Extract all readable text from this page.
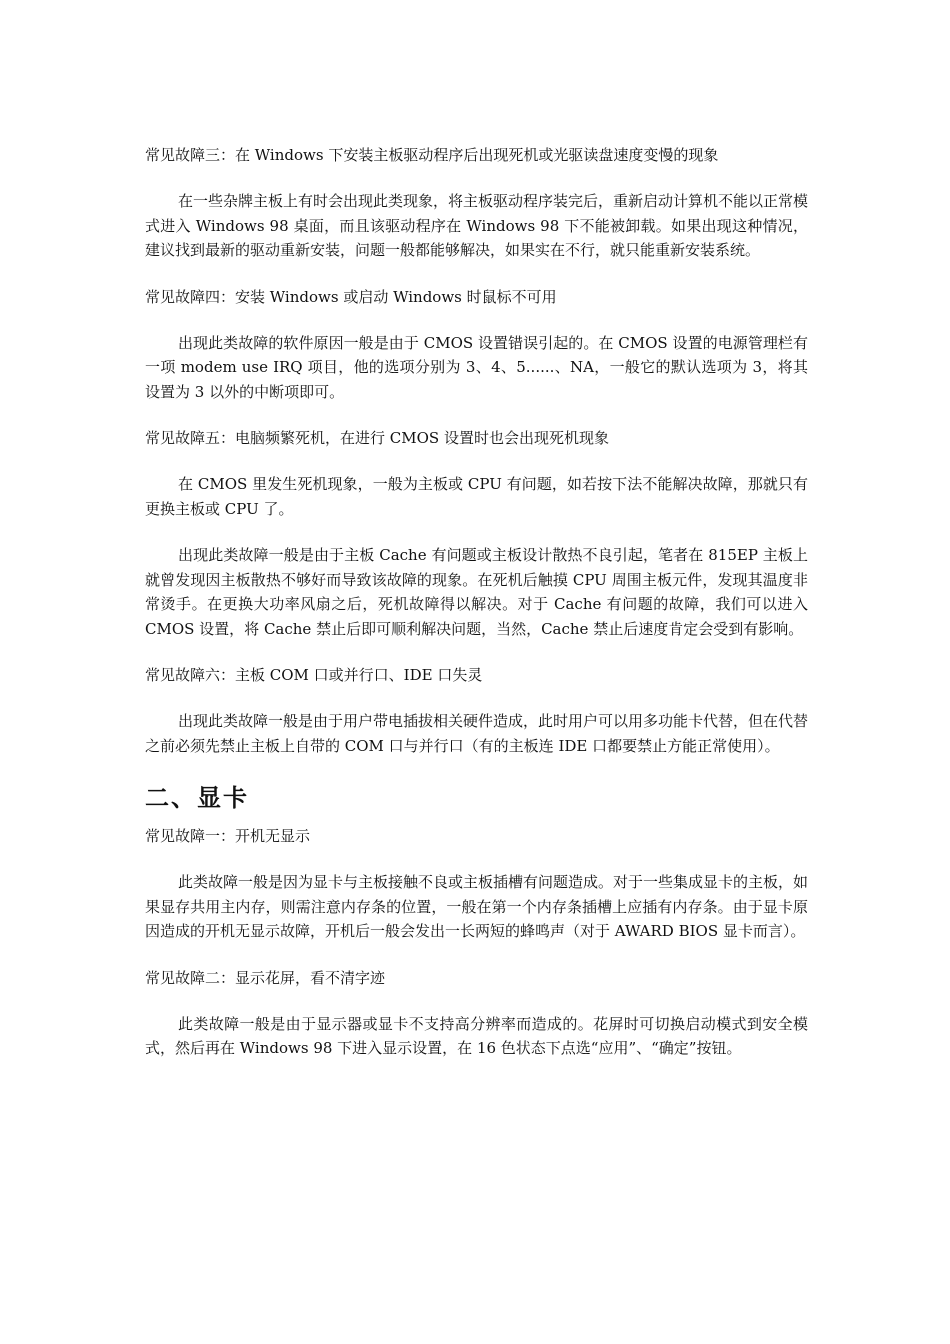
常见故障三：在 Windows 下安装主板驱动程序后出现死机或光驱读盘速度变慢的现象

在一些杂牌主板上有时会出现此类现象，将主板驱动程序装完后，重新启动计算机不能以正常模式进入 Windows 98 桌面，而且该驱动程序在 Windows 98 下不能被卸载。如果出现这种情况，建议找到最新的驱动重新安装，问题一般都能够解决，如果实在不行，就只能重新安装系统。

常见故障四：安装 Windows 或启动 Windows 时鼠标不可用

出现此类故障的软件原因一般是由于 CMOS 设置错误引起的。在 CMOS 设置的电源管理栏有一项 modem use IRQ 项目，他的选项分别为 3、4、5......、NA，一般它的默认选项为 3，将其设置为 3 以外的中断项即可。

常见故障五：电脑频繁死机，在进行 CMOS 设置时也会出现死机现象

在 CMOS 里发生死机现象，一般为主板或 CPU 有问题，如若按下法不能解决故障，那就只有更换主板或 CPU 了。

出现此类故障一般是由于主板 Cache 有问题或主板设计散热不良引起，笔者在 815EP 主板上就曾发现因主板散热不够好而导致该故障的现象。在死机后触摸 CPU 周围主板元件，发现其温度非常烫手。在更换大功率风扇之后，死机故障得以解决。对于 Cache 有问题的故障，我们可以进入 CMOS 设置，将 Cache 禁止后即可顺利解决问题，当然，Cache 禁止后速度肯定会受到有影响。

常见故障六：主板 COM 口或并行口、IDE 口失灵

出现此类故障一般是由于用户带电插拔相关硬件造成，此时用户可以用多功能卡代替，但在代替之前必须先禁止主板上自带的 COM 口与并行口（有的主板连 IDE 口都要禁止方能正常使用）。

二、显卡
常见故障一：开机无显示

此类故障一般是因为显卡与主板接触不良或主板插槽有问题造成。对于一些集成显卡的主板，如果显存共用主内存，则需注意内存条的位置，一般在第一个内存条插槽上应插有内存条。由于显卡原因造成的开机无显示故障，开机后一般会发出一长两短的蜂鸣声（对于 AWARD BIOS 显卡而言）。

常见故障二：显示花屏，看不清字迹

此类故障一般是由于显示器或显卡不支持高分辨率而造成的。花屏时可切换启动模式到安全模式，然后再在 Windows 98 下进入显示设置，在 16 色状态下点选“应用”、“确定”按钮。
